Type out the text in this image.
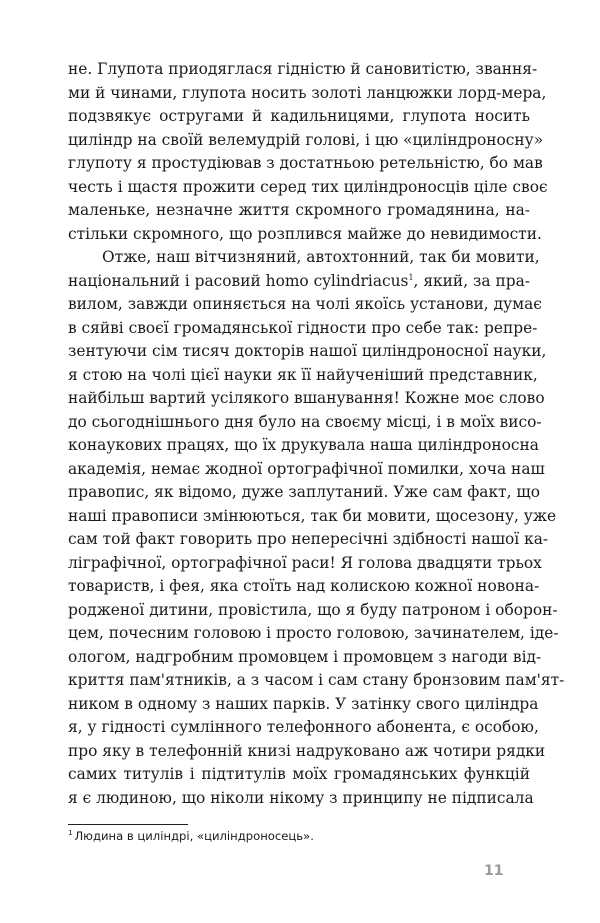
не. Глупота приодяглася гідністю й сановитістю, звання-
ми й чинами, глупота носить золоті ланцюжки лорд-мера,
подзвякує остругами й кадильницями, глупота носить
циліндр на своїй велемудрій голові, і цю «циліндроносну»
глупоту я простудіював з достатньою ретельністю, бо мав
честь і щастя прожити серед тих циліндроносців ціле своє
маленьке, незначне життя скромного громадянина, на-
стільки скромного, що розплився майже до невидимости.
Отже, наш вітчизняний, автохтонний, так би мовити,
національний і расовий homo cylindriacus$^1$, який, за пра-
вилом, завжди опиняється на чолі якоїсь установи, думає
в сяйві своєї громадянської гідности про себе так: репре-
зентуючи сім тисяч докторів нашої циліндроносної науки,
я стою на чолі цієї науки як її найученіший представник,
найбільш вартий усілякого вшанування! Кожне моє слово
до сьогоднішнього дня було на своєму місці, і в моїх висо-
конаукових працях, що їх друкувала наша циліндроносна
академія, немає жодної ортографічної помилки, хоча наш
правопис, як відомо, дуже заплутаний. Уже сам факт, що
наші правописи змінюються, так би мовити, щосезону, уже
сам той факт говорить про непересічні здібності нашої ка-
ліграфічної, ортографічної раси! Я голова двадцяти трьох
товариств, і фея, яка стоїть над колискою кожної новона-
родженої дитини, провістила, що я буду патроном і оборон-
цем, почесним головою і просто головою, зачинателем, іде-
ологом, надгробним промовцем і промовцем з нагоди від-
криття пам'ятників, а з часом і сам стану бронзовим пам'ят-
ником в одному з наших парків. У затінку свого циліндра
я, у гідності сумлінного телефонного абонента, є особою,
про яку в телефонній книзі надруковано аж чотири рядки
самих титулів і підтитулів моїх громадянських функцій
я є людиною, що ніколи нікому з принципу не підписала
$^1$ Людина в циліндрі, «циліндроносець».
11
